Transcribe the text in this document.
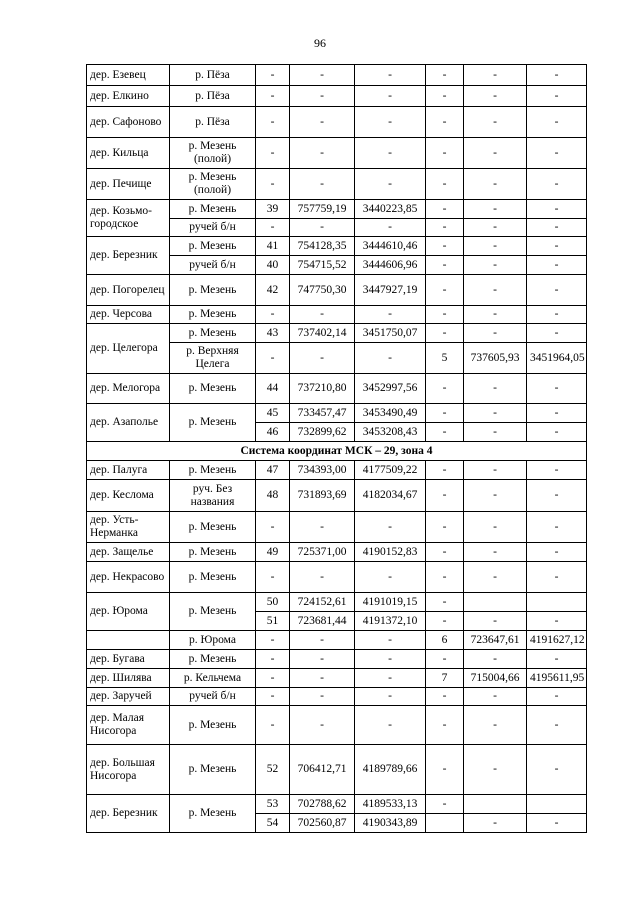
96
дер. Езевец	р. Пёза	-	-	-	-	-	-
дер. Елкино	р. Пёза	-	-	-	-	-	-
дер. Сафоново	р. Пёза	-	-	-	-	-	-
дер. Кильца	р. Мезень (полой)	-	-	-	-	-	-
дер. Печище	р. Мезень (полой)	-	-	-	-	-	-
дер. Козьмо-городское	р. Мезень	39	757759,19	3440223,85	-	-	-
	ручей б/н	-	-	-	-	-	-
дер. Березник	р. Мезень	41	754128,35	3444610,46	-	-	-
	ручей б/н	40	754715,52	3444606,96	-	-	-
дер. Погорелец	р. Мезень	42	747750,30	3447927,19	-	-	-
дер. Черсова	р. Мезень	-	-	-	-	-	-
дер. Целегора	р. Мезень	43	737402,14	3451750,07	-	-	-
	р. Верхняя Целега	-	-	-	5	737605,93	3451964,05
дер. Мелогора	р. Мезень	44	737210,80	3452997,56	-	-	-
дер. Азаполье	р. Мезень	45	733457,47	3453490,49	-	-	-
		46	732899,62	3453208,43	-	-	-
Система координат МСК – 29, зона 4							
дер. Палуга	р. Мезень	47	734393,00	4177509,22	-	-	-
дер. Кеслома	руч. Без названия	48	731893,69	4182034,67	-	-	-
дер. Усть-Нерманка	р. Мезень	-	-	-	-	-	-
дер. Защелье	р. Мезень	49	725371,00	4190152,83	-	-	-
дер. Некрасово	р. Мезень	-	-	-	-	-	-
дер. Юрома	р. Мезень	50	724152,61	4191019,15	-		
		51	723681,44	4191372,10	-	-	-
	р. Юрома	-	-	-	6	723647,61	4191627,12
дер. Бугава	р. Мезень	-	-	-	-	-	-
дер. Шилява	р. Кельчема	-	-	-	7	715004,66	4195611,95
дер. Заручей	ручей б/н	-	-	-	-	-	-
дер. Малая Нисогора	р. Мезень	-	-	-	-	-	-
дер. Большая Нисогора	р. Мезень	52	706412,71	4189789,66	-	-	-
дер. Березник	р. Мезень	53	702788,62	4189533,13	-		
		54	702560,87	4190343,89		-	-
